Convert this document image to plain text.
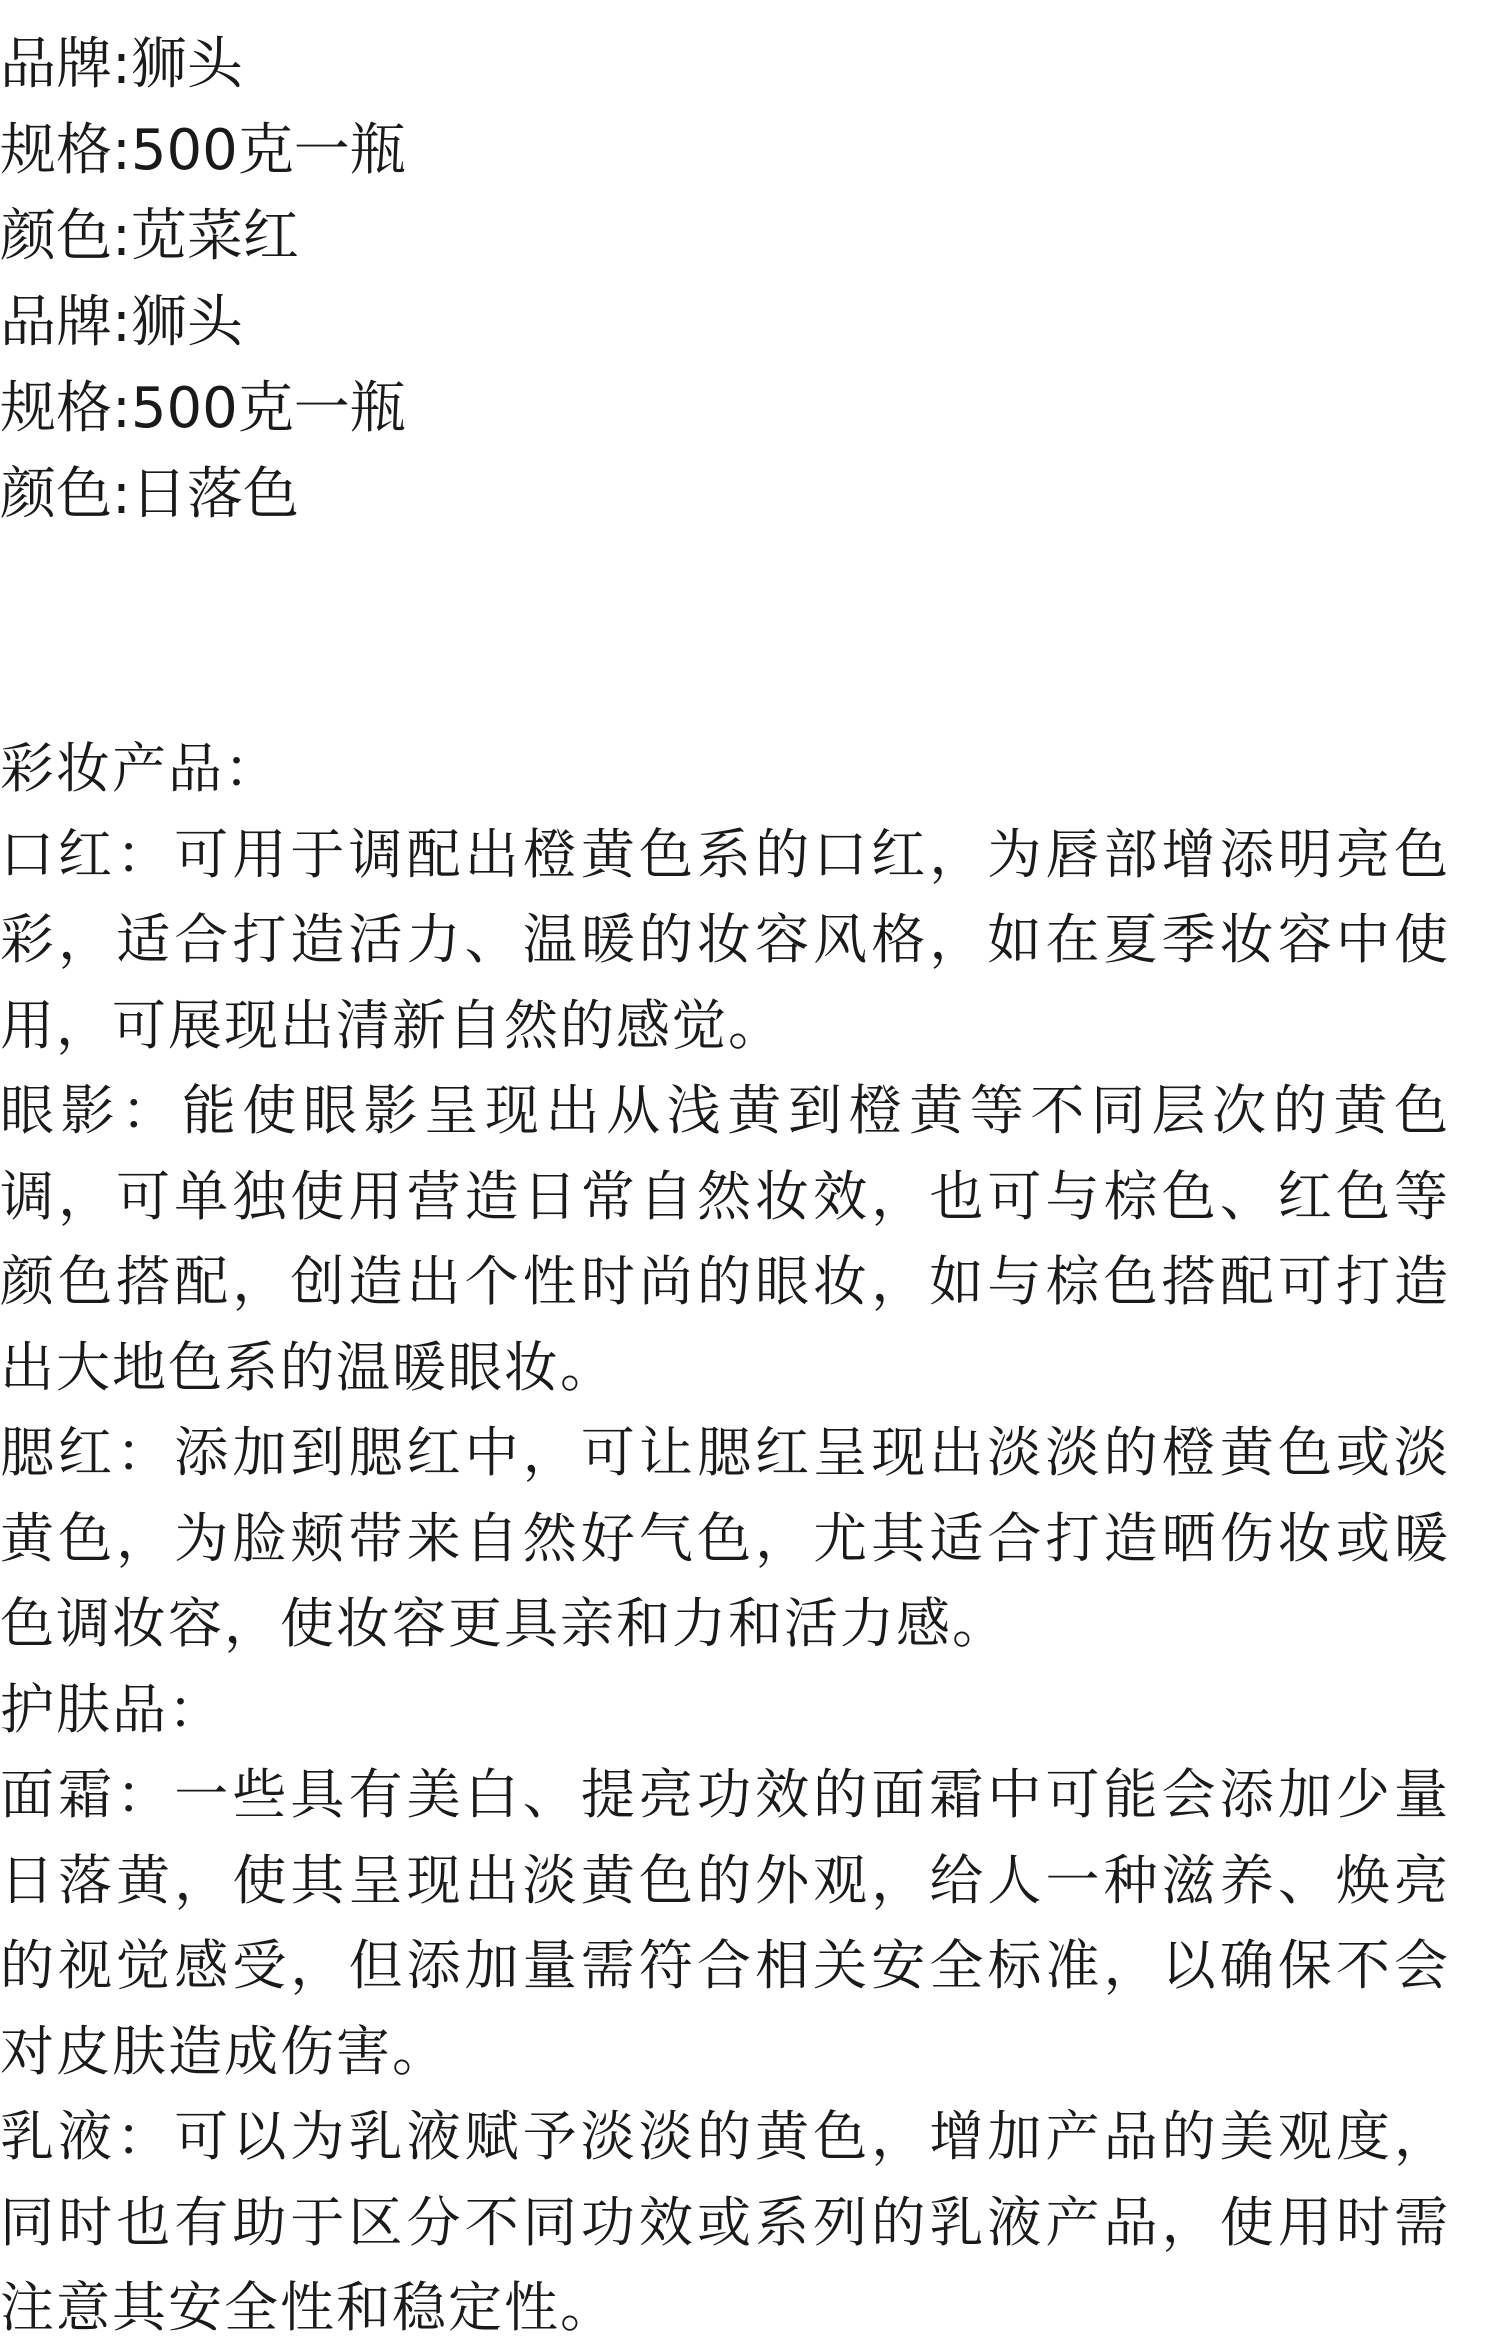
品牌:狮头
规格:500克一瓶
颜色:苋菜红
品牌:狮头
规格:500克一瓶
颜色:日落色

彩妆产品：

口红：可用于调配出橙黄色系的口红，为唇部增添明亮色彩，适合打造活力、温暖的妆容风格，如在夏季妆容中使用，可展现出清新自然的感觉。

眼影：能使眼影呈现出从浅黄到橙黄等不同层次的黄色调，可单独使用营造日常自然妆效，也可与棕色、红色等颜色搭配，创造出个性时尚的眼妆，如与棕色搭配可打造出大地色系的温暖眼妆。

腮红：添加到腮红中，可让腮红呈现出淡淡的橙黄色或淡黄色，为脸颊带来自然好气色，尤其适合打造晒伤妆或暖色调妆容，使妆容更具亲和力和活力感。

护肤品：

面霜：一些具有美白、提亮功效的面霜中可能会添加少量日落黄，使其呈现出淡黄色的外观，给人一种滋养、焕亮的视觉感受，但添加量需符合相关安全标准，以确保不会对皮肤造成伤害。

乳液：可以为乳液赋予淡淡的黄色，增加产品的美观度，同时也有助于区分不同功效或系列的乳液产品，使用时需注意其安全性和稳定性。
